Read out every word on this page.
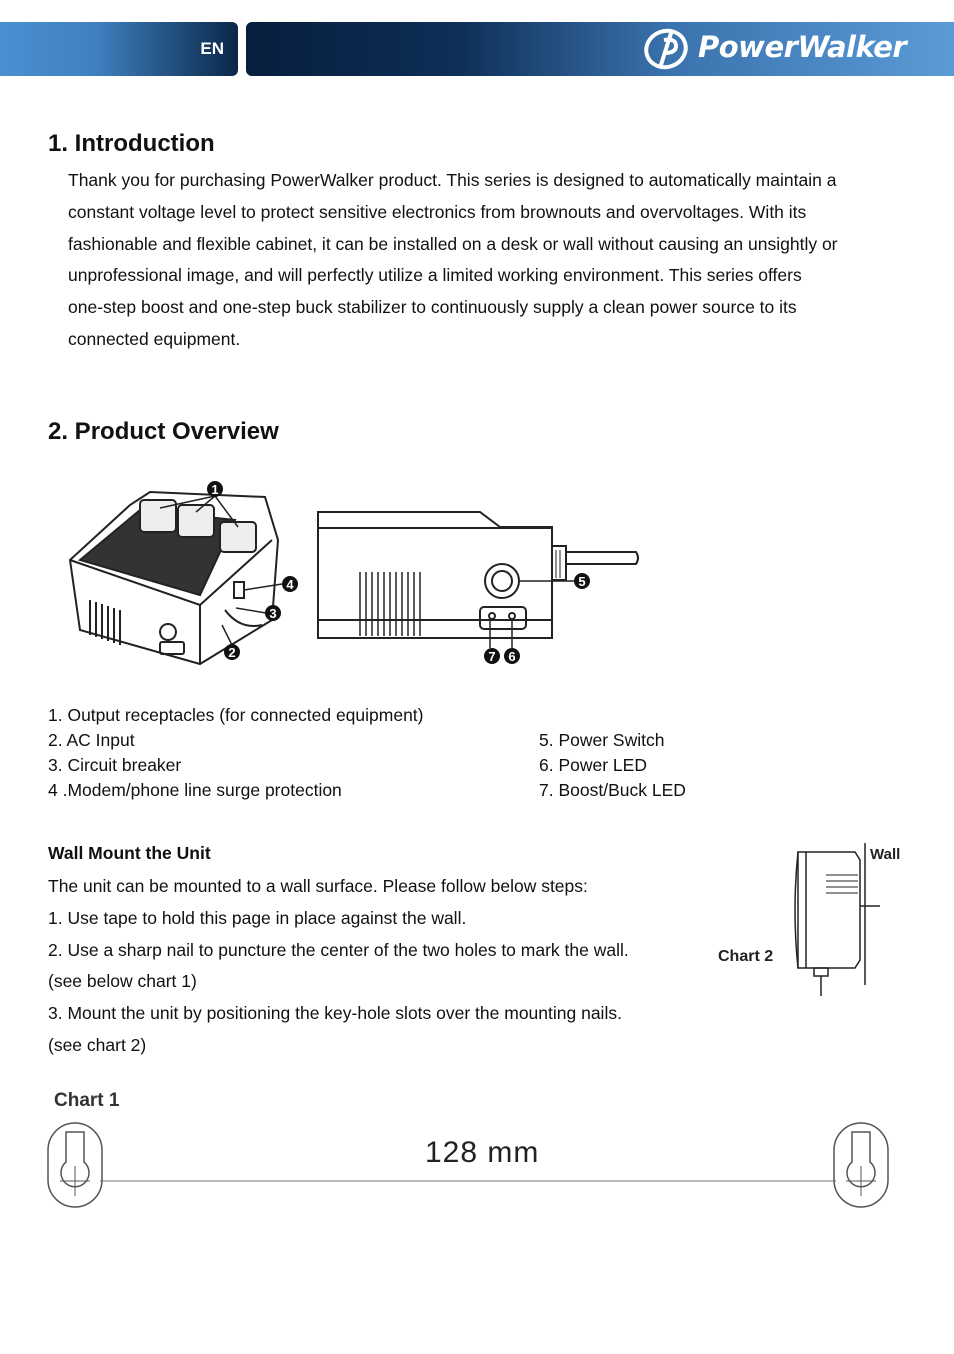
EN	PowerWalker
1. Introduction
Thank you for purchasing PowerWalker product. This series is designed to automatically maintain a
constant voltage level to protect sensitive electronics from brownouts and overvoltages. With its
fashionable and flexible cabinet, it can be installed on a desk or wall without causing an unsightly or
unprofessional image, and will perfectly utilize a limited working environment. This series offers
one-step boost and one-step buck stabilizer to continuously supply a clean power source to its
connected equipment.
2. Product Overview
1
2
3
4	5
6
7
1. Output receptacles (for connected equipment)
2. AC Input
3. Circuit breaker
4 .Modem/phone line surge protection
5. Power Switch
6. Power LED
7. Boost/Buck LED
Wall Mount the Unit
The unit can be mounted to a wall surface. Please follow below steps:
1. Use tape to hold this page in place against the wall.
2. Use a sharp nail to puncture the center of the two holes to mark the wall.
(see below chart 1)
3. Mount the unit by positioning the key-hole slots over the mounting nails.
(see chart 2)
Chart 2
Wall
Chart 1
128 mm
